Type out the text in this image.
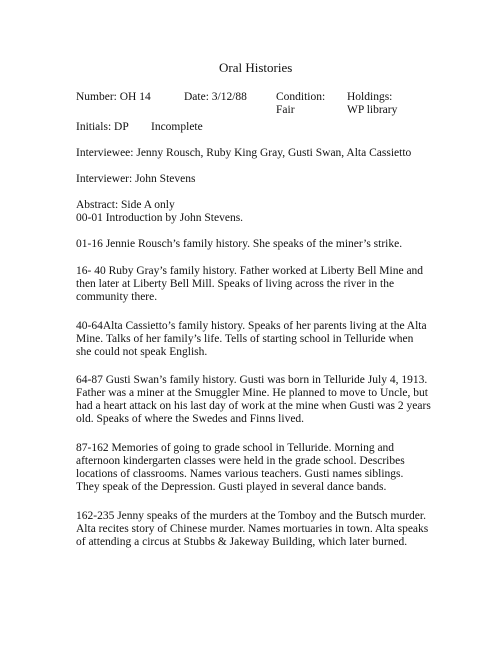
Oral Histories

Number: OH 14	Date: 3/12/88	Condition:

Fair

Holdings:

WP library

Initials: DP Incomplete

Interviewee: Jenny Rousch, Ruby King Gray, Gusti Swan, Alta Cassietto

Interviewer: John Stevens

Abstract: Side A only

00-01 Introduction by John Stevens.

01-16 Jennie Rousch’s family history. She speaks of the miner’s strike.

16- 40 Ruby Gray’s family history. Father worked at Liberty Bell Mine and

then later at Liberty Bell Mill. Speaks of living across the river in the

community there.

40-64Alta Cassietto’s family history. Speaks of her parents living at the Alta

Mine. Talks of her family’s life. Tells of starting school in Telluride when

she could not speak English.

64-87 Gusti Swan’s family history. Gusti was born in Telluride July 4, 1913.

Father was a miner at the Smuggler Mine. He planned to move to Uncle, but

had a heart attack on his last day of work at the mine when Gusti was 2 years

old. Speaks of where the Swedes and Finns lived.

87-162 Memories of going to grade school in Telluride. Morning and

afternoon kindergarten classes were held in the grade school. Describes

locations of classrooms. Names various teachers. Gusti names siblings.

They speak of the Depression. Gusti played in several dance bands.

162-235 Jenny speaks of the murders at the Tomboy and the Butsch murder.

Alta recites story of Chinese murder. Names mortuaries in town. Alta speaks

of attending a circus at Stubbs & Jakeway Building, which later burned.
